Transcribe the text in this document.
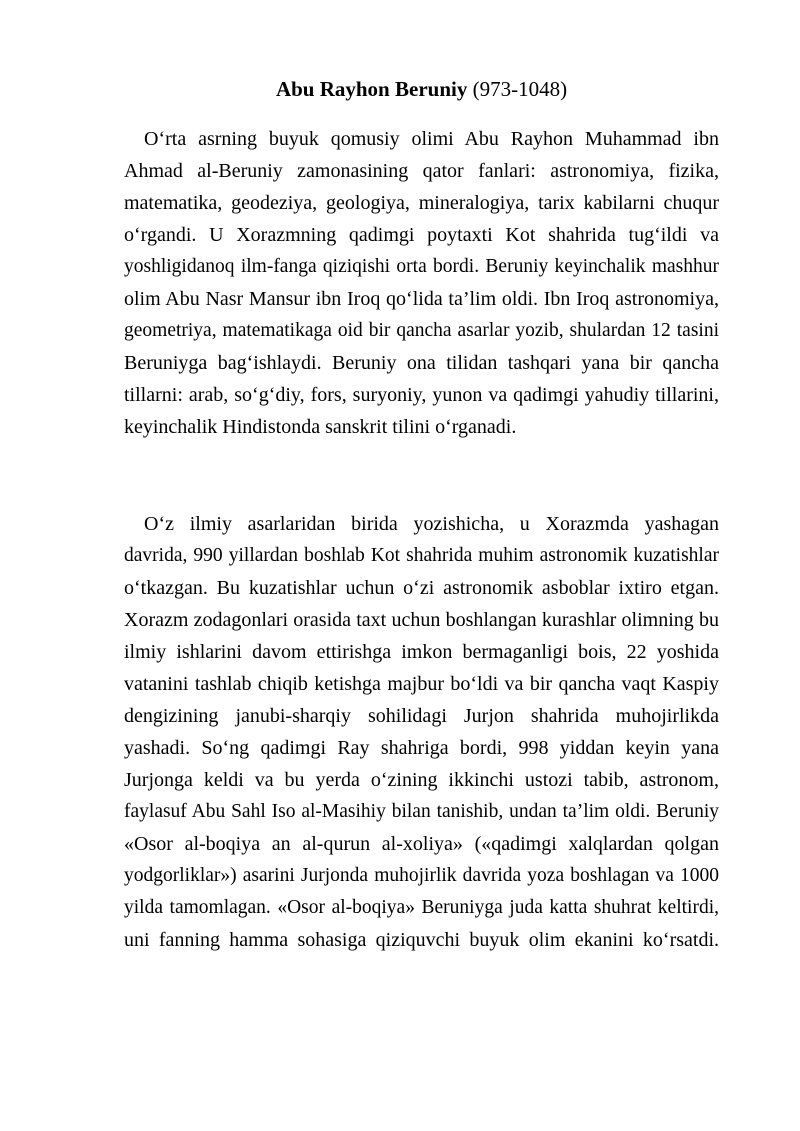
Abu Rayhon Beruniy (973-1048)
O‘rta asrning buyuk qomusiy olimi Abu Rayhon Muhammad ibn
Ahmad al-Beruniy zamonasining qator fanlari: astronomiya, fizika,
matematika, geodeziya, geologiya, mineralogiya, tarix kabilarni chuqur
o‘rgandi. U Xorazmning qadimgi poytaxti Kot shahrida tug‘ildi va
yoshligidanoq ilm-fanga qiziqishi orta bordi. Beruniy keyinchalik mashhur
olim Abu Nasr Mansur ibn Iroq qo‘lida ta’lim oldi. Ibn Iroq astronomiya,
geometriya, matematikaga oid bir qancha asarlar yozib, shulardan 12 tasini
Beruniyga bag‘ishlaydi. Beruniy ona tilidan tashqari yana bir qancha
tillarni: arab, so‘g‘diy, fors, suryoniy, yunon va qadimgi yahudiy tillarini,
keyinchalik Hindistonda sanskrit tilini o‘rganadi.
O‘z ilmiy asarlaridan birida yozishicha, u Xorazmda yashagan
davrida, 990 yillardan boshlab Kot shahrida muhim astronomik kuzatishlar
o‘tkazgan. Bu kuzatishlar uchun o‘zi astronomik asboblar ixtiro etgan.
Xorazm zodagonlari orasida taxt uchun boshlangan kurashlar olimning bu
ilmiy ishlarini davom ettirishga imkon bermaganligi bois, 22 yoshida
vatanini tashlab chiqib ketishga majbur bo‘ldi va bir qancha vaqt Kaspiy
dengizining janubi-sharqiy sohilidagi Jurjon shahrida muhojirlikda
yashadi. So‘ng qadimgi Ray shahriga bordi, 998 yiddan keyin yana
Jurjonga keldi va bu yerda o‘zining ikkinchi ustozi tabib, astronom,
faylasuf Abu Sahl Iso al-Masihiy bilan tanishib, undan ta’lim oldi. Beruniy
«Osor al-boqiya an al-qurun al-xoliya» («qadimgi xalqlardan qolgan
yodgorliklar») asarini Jurjonda muhojirlik davrida yoza boshlagan va 1000
yilda tamomlagan. «Osor al-boqiya» Beruniyga juda katta shuhrat keltirdi,
uni fanning hamma sohasiga qiziquvchi buyuk olim ekanini ko‘rsatdi.
